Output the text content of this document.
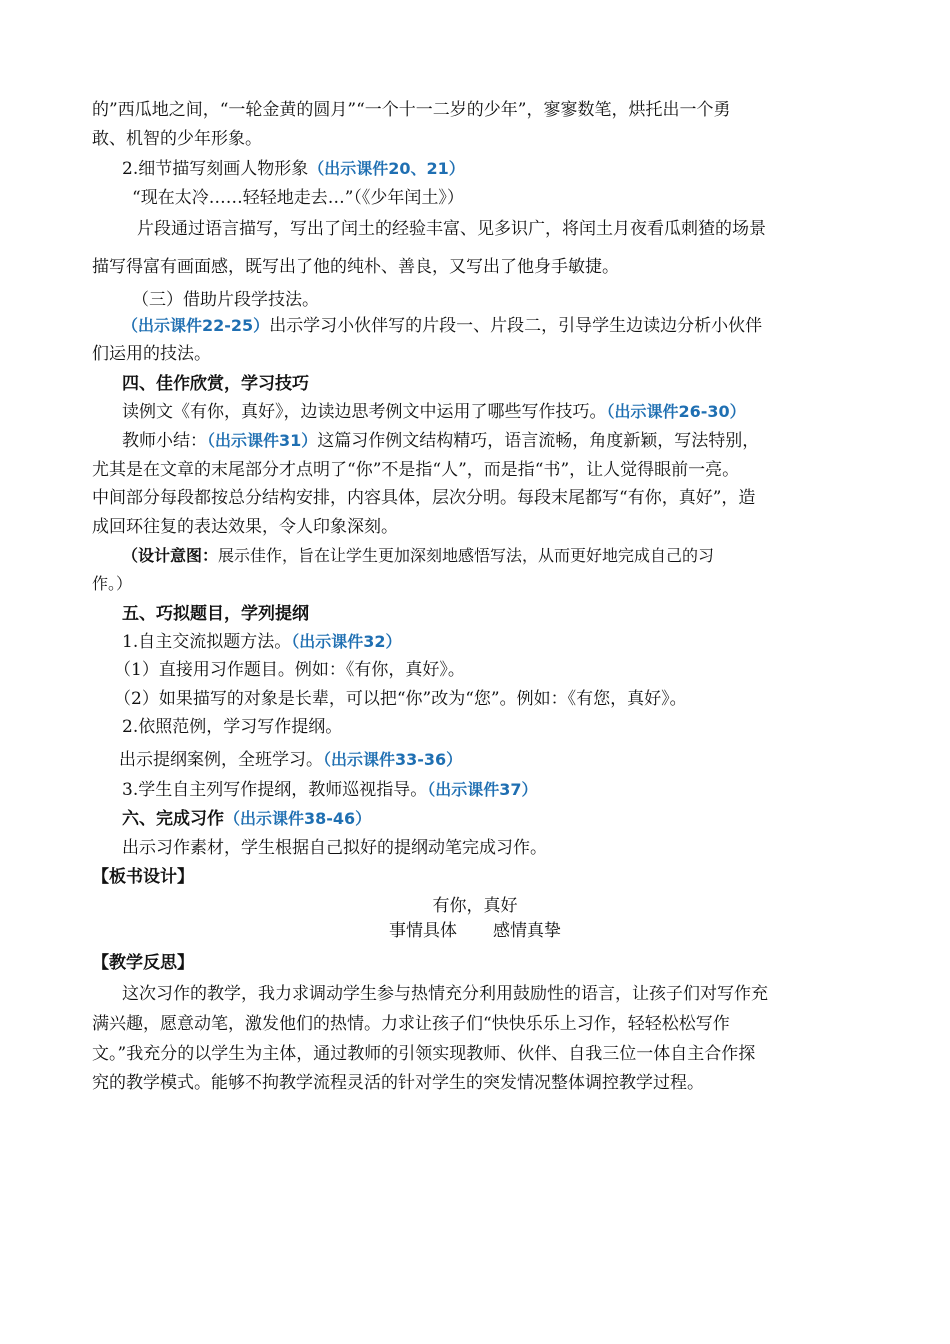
的”西瓜地之间，“一轮金黄的圆月”“一个十一二岁的少年”，寥寥数笔，烘托出一个勇
敢、机智的少年形象。
2.细节描写刻画人物形象（出示课件20、21）
“现在太冷……轻轻地走去…”（《少年闰土》）
片段通过语言描写，写出了闰土的经验丰富、见多识广，将闰土月夜看瓜刺猹的场景
描写得富有画面感，既写出了他的纯朴、善良，又写出了他身手敏捷。
（三）借助片段学技法。
（出示课件22-25）出示学习小伙伴写的片段一、片段二，引导学生边读边分析小伙伴
们运用的技法。
四、佳作欣赏，学习技巧
读例文《有你，真好》，边读边思考例文中运用了哪些写作技巧。（出示课件26-30）
教师小结：（出示课件31）这篇习作例文结构精巧，语言流畅，角度新颖，写法特别，
尤其是在文章的末尾部分才点明了“你”不是指“人”，而是指“书”，让人觉得眼前一亮。
中间部分每段都按总分结构安排，内容具体，层次分明。每段末尾都写“有你，真好”，造
成回环往复的表达效果，令人印象深刻。
（设计意图：展示佳作，旨在让学生更加深刻地感悟写法，从而更好地完成自己的习
作。）
五、巧拟题目，学列提纲
1.自主交流拟题方法。（出示课件32）
（1）直接用习作题目。例如：《有你，真好》。
（2）如果描写的对象是长辈，可以把“你”改为“您”。例如：《有您，真好》。
2.依照范例，学习写作提纲。
出示提纲案例，全班学习。（出示课件33-36）
3.学生自主列写作提纲，教师巡视指导。（出示课件37）
六、完成习作（出示课件38-46）
出示习作素材，学生根据自己拟好的提纲动笔完成习作。
【板书设计】
有你，真好
事情具体 感情真挚
【教学反思】
这次习作的教学，我力求调动学生参与热情充分利用鼓励性的语言，让孩子们对写作充
满兴趣，愿意动笔，激发他们的热情。力求让孩子们“快快乐乐上习作，轻轻松松写作
文。”我充分的以学生为主体，通过教师的引领实现教师、伙伴、自我三位一体自主合作探
究的教学模式。能够不拘教学流程灵活的针对学生的突发情况整体调控教学过程。
